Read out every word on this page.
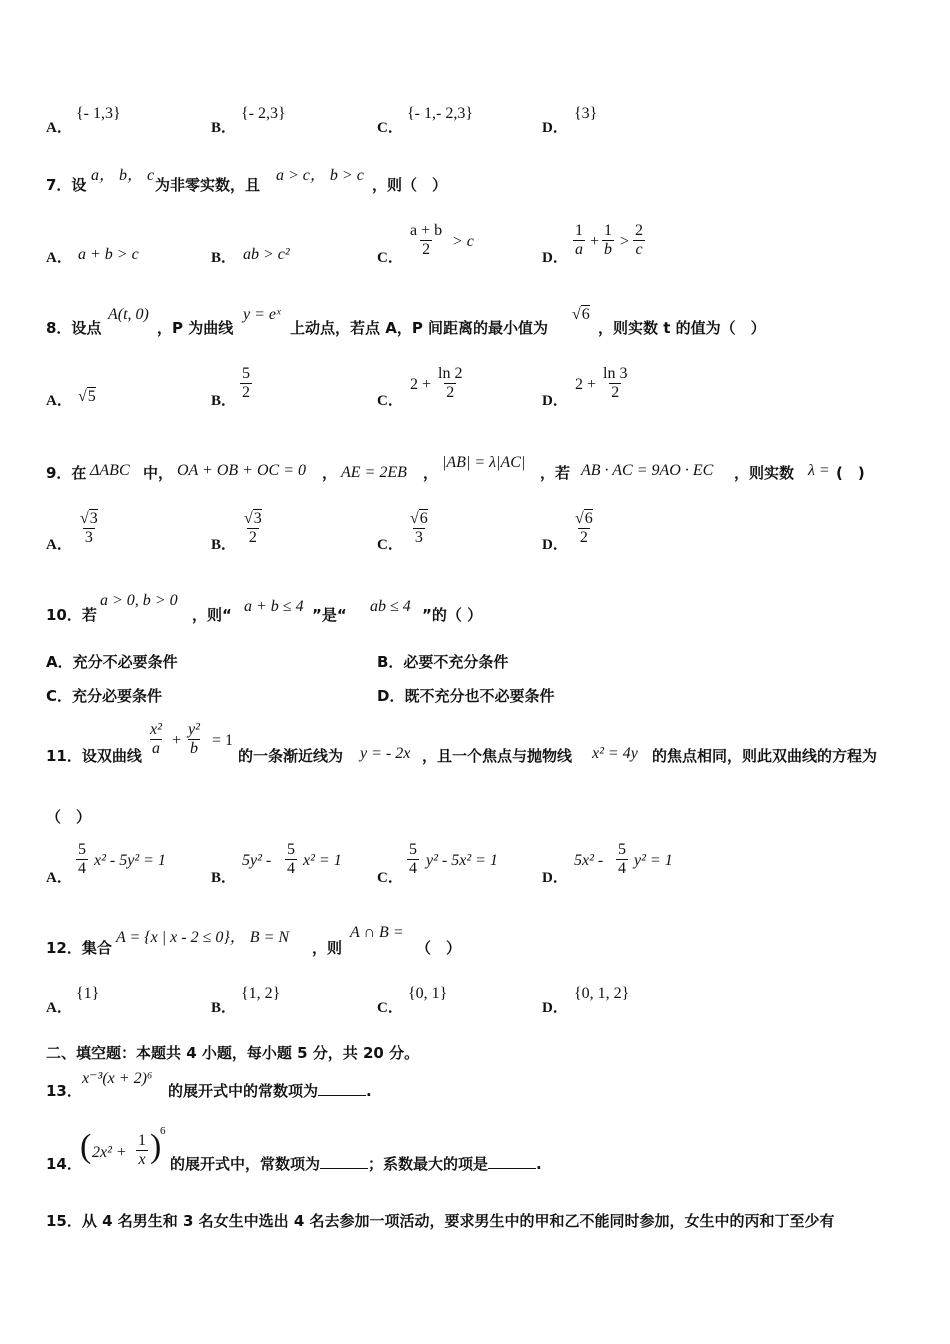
A．
{- 1,3}
B．
{- 2,3}
C．
{- 1,- 2,3}
D．
{3}
7．设
a， b， c
为非零实数，且
a > c， b > c
，则（　）
A． a + b > c	B． ab > c²	C． $\frac{a + b}{2} > c$
D． $\frac{1}{a} + \frac{1}{b} > \frac{2}{c}$
8．设点
A(t, 0)
，P 为曲线
y = eˣ
上动点，若点 A，P 间距离的最小值为
√6
，则实数 t 的值为（　）
A． √5	B． $\frac{5}{2}$	C．
$2 + \frac{\ln 2}{2}$	D．
$2 + \frac{\ln 3}{2}$
9．在 ΔABC 中， OA + OB + OC = 0 ， AE = 2EB ，
|AB| = λ|AC|
，若 AB · AC = 9AO · EC ，则实数 λ = (　)
A． $\frac{√3}{3}$	B． $\frac{√3}{2}$	C． $\frac{√6}{3}$	D． $\frac{√6}{2}$
10．若
a > 0, b > 0
，则“ a + b ≤ 4 ”是“ ab ≤ 4 ”的（ ）
A．充分不必要条件	B．必要不充分条件
C．充分必要条件	D．既不充分也不必要条件
11．设双曲线 $\frac{\text{x²}}{a} + \frac{\text{y²}}{b} = 1$
的一条渐近线为 y = - 2x ，且一个焦点与抛物线 x² = 4y 的焦点相同，则此双曲线的方程为
（　）
A． $\frac{5}{4} x^2 - 5y^2 = 1$
B．
$5y^2 - \frac{5}{4} x^2 = 1$
C． $\frac{5}{4} y^2 - 5x^2 = 1$
D．
$5x^2 - \frac{5}{4} y^2 = 1$
12．集合
A = {x | x - 2 ≤ 0}， B = N
，则
A ∩ B =
（　）
A．
{1}
B．
{1, 2}
C．
{0, 1}
D．
{0, 1, 2}
二、填空题：本题共 4 小题，每小题 5 分，共 20 分。
13．
x⁻³(x + 2)⁶
的展开式中的常数项为	.
14．
( $2x^2 + \frac{1}{x}$ )
6
的展开式中，常数项为	；系数最大的项是	.
15．从 4 名男生和 3 名女生中选出 4 名去参加一项活动，要求男生中的甲和乙不能同时参加，女生中的丙和丁至少有
